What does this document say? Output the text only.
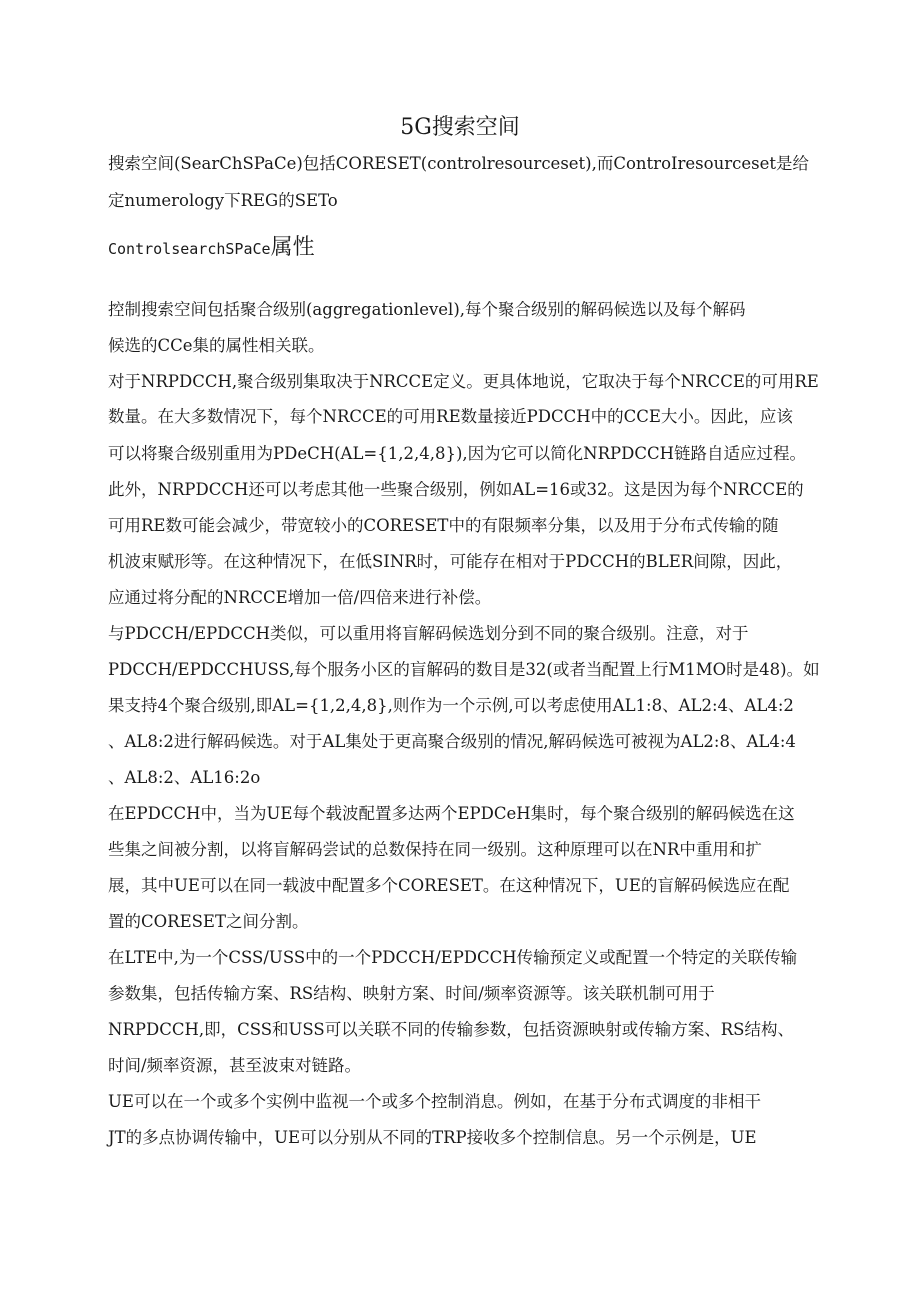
5G搜索空间
搜索空间(SearChSPaCe)包括CORESET(controlresourceset),而ControIresourceset是给
定numerology下REG的SETo
ControlsearchSPaCe属性
控制搜索空间包括聚合级别(aggregationlevel),每个聚合级别的解码候选以及每个解码
候选的CCe集的属性相关联。
对于NRPDCCH,聚合级别集取决于NRCCE定义。更具体地说，它取决于每个NRCCE的可用RE
数量。在大多数情况下，每个NRCCE的可用RE数量接近PDCCH中的CCE大小。因此，应该
可以将聚合级别重用为PDeCH(AL={1,2,4,8}),因为它可以简化NRPDCCH链路自适应过程。
此外，NRPDCCH还可以考虑其他一些聚合级别，例如AL=16或32。这是因为每个NRCCE的
可用RE数可能会减少，带宽较小的CORESET中的有限频率分集，以及用于分布式传输的随
机波束赋形等。在这种情况下，在低SINR时，可能存在相对于PDCCH的BLER间隙，因此，
应通过将分配的NRCCE增加一倍/四倍来进行补偿。
与PDCCH/EPDCCH类似，可以重用将盲解码候选划分到不同的聚合级别。注意，对于
PDCCH/EPDCCHUSS,每个服务小区的盲解码的数目是32(或者当配置上行M1MO时是48)。如
果支持4个聚合级别,即AL={1,2,4,8},则作为一个示例,可以考虑使用AL1:8、AL2:4、AL4:2
、AL8:2进行解码候选。对于AL集处于更高聚合级别的情况,解码候选可被视为AL2:8、AL4:4
、AL8:2、AL16:2o
在EPDCCH中，当为UE每个载波配置多达两个EPDCeH集时，每个聚合级别的解码候选在这
些集之间被分割，以将盲解码尝试的总数保持在同一级别。这种原理可以在NR中重用和扩
展，其中UE可以在同一载波中配置多个CORESET。在这种情况下，UE的盲解码候选应在配
置的CORESET之间分割。
在LTE中,为一个CSS/USS中的一个PDCCH/EPDCCH传输预定义或配置一个特定的关联传输
参数集，包括传输方案、RS结构、映射方案、时间/频率资源等。该关联机制可用于
NRPDCCH,即，CSS和USS可以关联不同的传输参数，包括资源映射或传输方案、RS结构、
时间/频率资源，甚至波束对链路。
UE可以在一个或多个实例中监视一个或多个控制消息。例如，在基于分布式调度的非相干
JT的多点协调传输中，UE可以分别从不同的TRP接收多个控制信息。另一个示例是，UE
